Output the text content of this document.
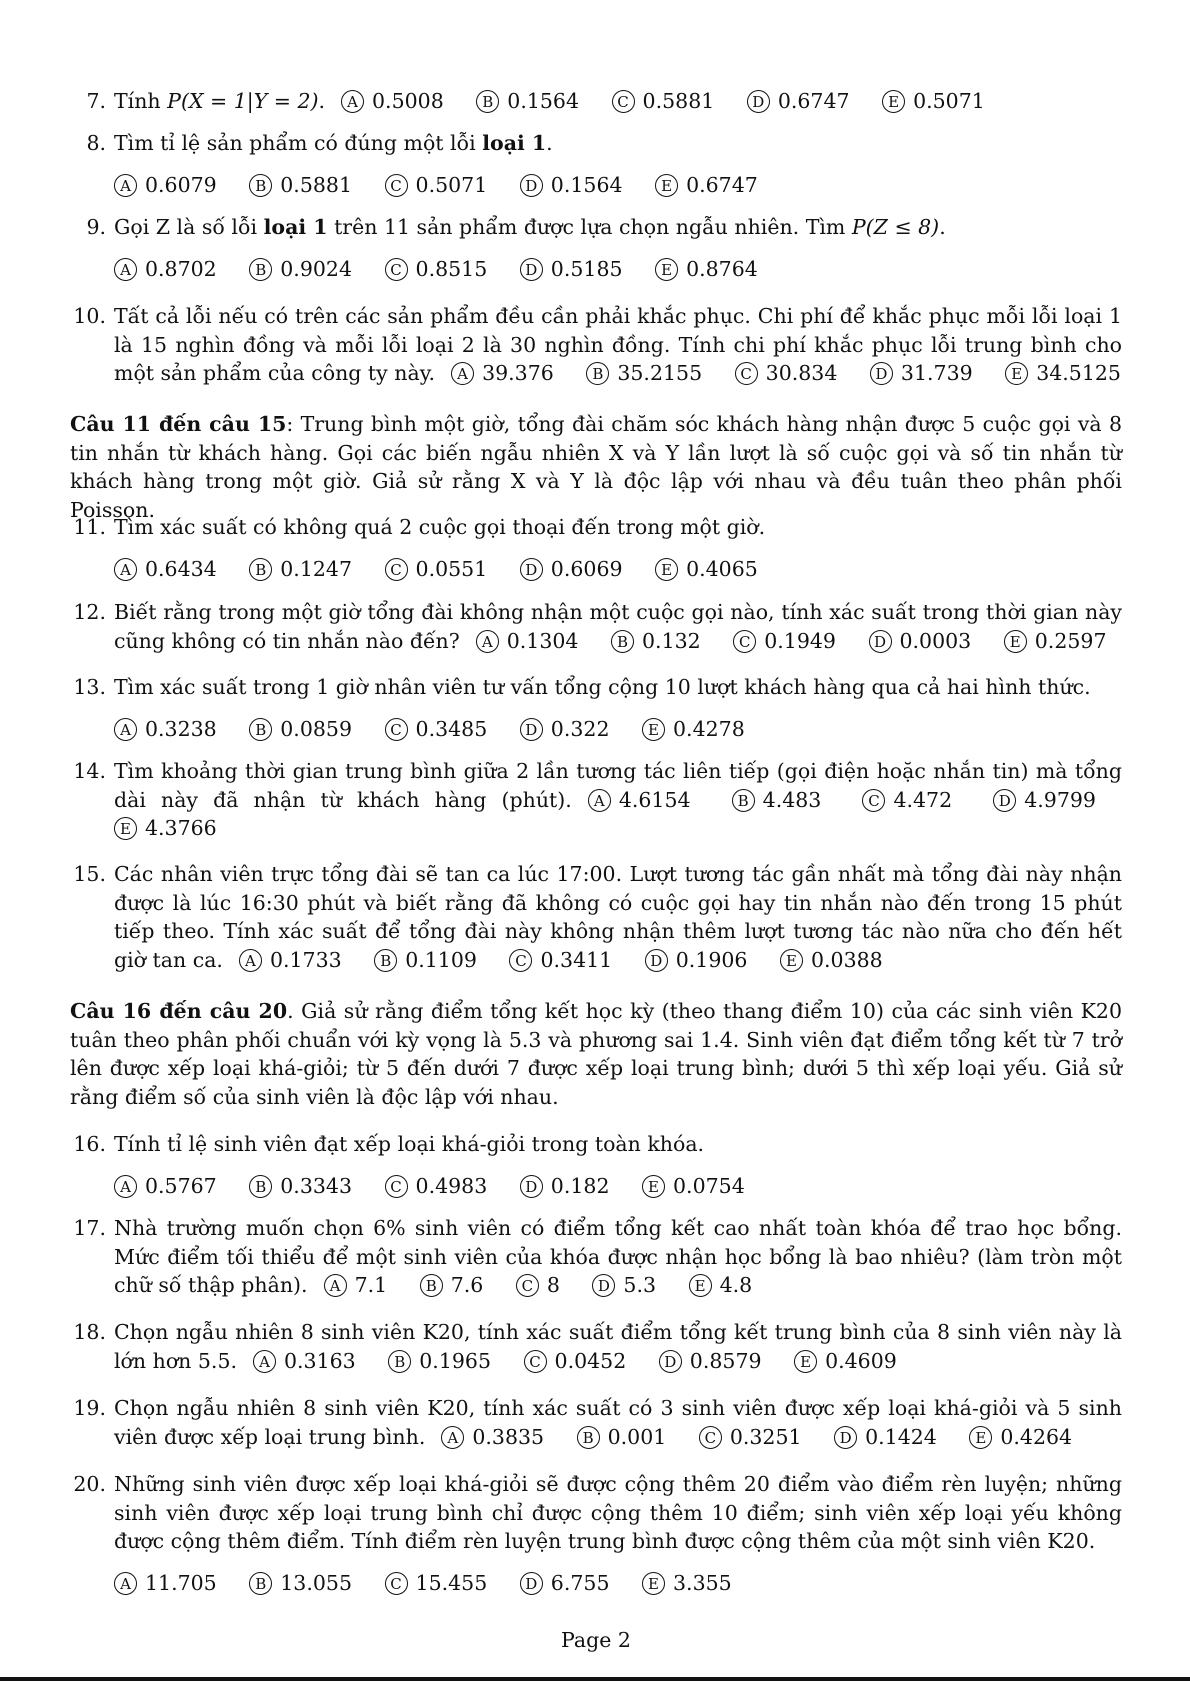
7. Tính P(X = 1|Y = 2). A 0.5008	B 0.1564	C 0.5881	D 0.6747	E 0.5071
8. Tìm tỉ lệ sản phẩm có đúng một lỗi loại 1.
A 0.6079	B 0.5881	C 0.5071	D 0.1564	E 0.6747
9. Gọi Z là số lỗi loại 1 trên 11 sản phẩm được lựa chọn ngẫu nhiên. Tìm P(Z ≤ 8).
A 0.8702	B 0.9024	C 0.8515	D 0.5185	E 0.8764
10. Tất cả lỗi nếu có trên các sản phẩm đều cần phải khắc phục. Chi phí để khắc phục mỗi lỗi loại 1 là 15 nghìn đồng và mỗi lỗi loại 2 là 30 nghìn đồng. Tính chi phí khắc phục lỗi trung bình cho một sản phẩm của công ty này. A 39.376	B 35.2155	C 30.834	D 31.739	E 34.5125
Câu 11 đến câu 15: Trung bình một giờ, tổng đài chăm sóc khách hàng nhận được 5 cuộc gọi và 8 tin nhắn từ khách hàng. Gọi các biến ngẫu nhiên X và Y lần lượt là số cuộc gọi và số tin nhắn từ khách hàng trong một giờ. Giả sử rằng X và Y là độc lập với nhau và đều tuân theo phân phối Poisson.
11. Tìm xác suất có không quá 2 cuộc gọi thoại đến trong một giờ.
A 0.6434	B 0.1247	C 0.0551	D 0.6069	E 0.4065
12. Biết rằng trong một giờ tổng đài không nhận một cuộc gọi nào, tính xác suất trong thời gian này cũng không có tin nhắn nào đến? A 0.1304	B 0.132	C 0.1949	D 0.0003	E 0.2597
13. Tìm xác suất trong 1 giờ nhân viên tư vấn tổng cộng 10 lượt khách hàng qua cả hai hình thức.
A 0.3238	B 0.0859	C 0.3485	D 0.322	E 0.4278
14. Tìm khoảng thời gian trung bình giữa 2 lần tương tác liên tiếp (gọi điện hoặc nhắn tin) mà tổng dài này đã nhận từ khách hàng (phút). A 4.6154	B 4.483	C 4.472	D 4.9799 E 4.3766
15. Các nhân viên trực tổng đài sẽ tan ca lúc 17:00. Lượt tương tác gần nhất mà tổng đài này nhận được là lúc 16:30 phút và biết rằng đã không có cuộc gọi hay tin nhắn nào đến trong 15 phút tiếp theo. Tính xác suất để tổng đài này không nhận thêm lượt tương tác nào nữa cho đến hết giờ tan ca. A 0.1733	B 0.1109	C 0.3411	D 0.1906	E 0.0388
Câu 16 đến câu 20. Giả sử rằng điểm tổng kết học kỳ (theo thang điểm 10) của các sinh viên K20 tuân theo phân phối chuẩn với kỳ vọng là 5.3 và phương sai 1.4. Sinh viên đạt điểm tổng kết từ 7 trở lên được xếp loại khá-giỏi; từ 5 đến dưới 7 được xếp loại trung bình; dưới 5 thì xếp loại yếu. Giả sử rằng điểm số của sinh viên là độc lập với nhau.
16. Tính tỉ lệ sinh viên đạt xếp loại khá-giỏi trong toàn khóa.
A 0.5767	B 0.3343	C 0.4983	D 0.182	E 0.0754
17. Nhà trường muốn chọn 6% sinh viên có điểm tổng kết cao nhất toàn khóa để trao học bổng. Mức điểm tối thiểu để một sinh viên của khóa được nhận học bổng là bao nhiêu? (làm tròn một chữ số thập phân). A 7.1	B 7.6	C 8	D 5.3	E 4.8
18. Chọn ngẫu nhiên 8 sinh viên K20, tính xác suất điểm tổng kết trung bình của 8 sinh viên này là lớn hơn 5.5. A 0.3163	B 0.1965	C 0.0452	D 0.8579	E 0.4609
19. Chọn ngẫu nhiên 8 sinh viên K20, tính xác suất có 3 sinh viên được xếp loại khá-giỏi và 5 sinh viên được xếp loại trung bình. A 0.3835	B 0.001	C 0.3251	D 0.1424	E 0.4264
20. Những sinh viên được xếp loại khá-giỏi sẽ được cộng thêm 20 điểm vào điểm rèn luyện; những sinh viên được xếp loại trung bình chỉ được cộng thêm 10 điểm; sinh viên xếp loại yếu không được cộng thêm điểm. Tính điểm rèn luyện trung bình được cộng thêm của một sinh viên K20.
A 11.705	B 13.055	C 15.455	D 6.755	E 3.355
Page 2
